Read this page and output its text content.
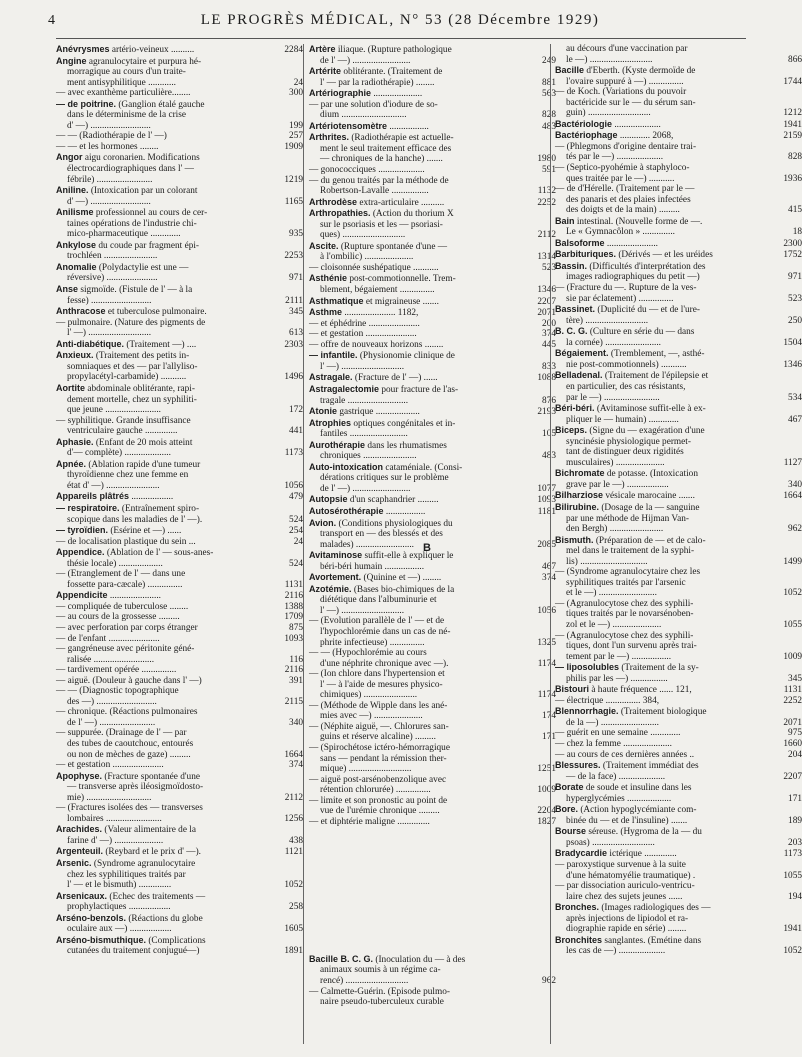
4	LE PROGRÈS MÉDICAL, N° 53 (28 Décembre 1929)
Anévrysmes artério-veineux ..........	2284
Angine agranulocytaire et purpura hé-
morragique au cours d'un traite-
ment antisyphilitique ............	24
— avec exanthème particulière........	300
— de poitrine. (Ganglion étalé gauche
dans le déterminisme de la crise
d' —) ..........................	199
— — (Radiothérapie de l' —)	257
— — et les hormones ........	1909
Angor aigu coronarien. Modifications
électrocardiographiques dans l' —
fébrile) ........................	1219
Aniline. (Intoxication par un colorant
d' —) ..........................	1165
Anilisme professionnel au cours de cer-
taines opérations de l'industrie chi-
mico-pharmaceutique .............	935
Ankylose du coude par fragment épi-
trochléen .......................	2253
Anomalie (Polydactylie est une —
réversive) ......................	971
Anse sigmoïde. (Fistule de l' — à la
fesse) ..........................	2111
Anthracose et tuberculose pulmonaire.	345
— pulmonaire. (Nature des pigments de
l' —) ...........................	613
Anti-diabétique. (Traitement —) ....	2303
Anxieux. (Traitement des petits in-
somniaques et des — par l'allyliso-
propylacétyl-carbamide) ...........	1496
Aortite abdominale oblitérante, rapi-
dement mortelle, chez un syphiliti-
que jeune ........................	172
— syphilitique. Grande insuffisance
ventriculaire gauche ..............	441
Aphasie. (Enfant de 20 mois atteint
d'— complète) ....................	1173
Apnée. (Ablation rapide d'une tumeur
thyroïdienne chez une femme en
état d' —) .......................	1056
Appareils plâtrés ..................	479
— respiratoire. (Entraînement spiro-
scopique dans les maladies de l' —).	524
— tyroïdien. (Esérine et —) ......	254
— de localisation plastique du sein ...	24
Appendice. (Ablation de l' — sous-anes-
thésie locale) ...................	524
— (Etranglement de l' — dans une
fossette para-cæcale) ...............	1131
Appendicite ......................	2116
— compliquée de tuberculose ........	1388
— au cours de la grossesse .........	1709
— avec perforation par corps étranger	875
— de l'enfant ......................	1093
— gangréneuse avec péritonite géné-
ralisée ..........................	116
— tardivement opérée ...............	2116
— aiguë. (Douleur à gauche dans l' —)	391
— — (Diagnostic topographique
des —) ..........................	2115
— chronique. (Réactions pulmonaires
de l' —) ........................	340
— suppurée. (Drainage de l' — par
des tubes de caoutchouc, entourés
ou non de mèches de gaze) .........	1664
— et gestation ......................	374
Apophyse. (Fracture spontanée d'une
— transverse après iléosigmoïdosto-
mie) ............................	2112
— (Fractures isolées des — transverses
lombaires ........................	1256
Arachides. (Valeur alimentaire de la
farine d' —) .....................	438
Argenteuil. (Reybard et le prix d' —).	1121
Arsenic. (Syndrome agranulocytaire
chez les syphilitiques traités par
l' — et le bismuth) ..............	1052
Arsenicaux. (Echec des traitements —
prophylactiques ..................	258
Arséno-benzols. (Réactions du globe
oculaire aux —) ..................	1605
Arséno-bismuthique. (Complications
cutanées du traitement conjugué—)	1891
Artère iliaque. (Rupture pathologique
de l' —) .........................	249
Artérite oblitérante. (Traitement de
l' — par la radiothérapie) ........	881
Artériographie .....................	563
— par une solution d'iodure de so-
dium ............................	828
Artériotensomètre .................	483
Arthrites. (Radiothérapie est actuelle-
ment le seul traitement efficace des
— chroniques de la hanche) .......	1980
— gonococciques ....................	591
— du genou traités par la méthode de
Robertson-Lavalle ................	1132
Arthrodèse extra-articulaire ..........	2252
Arthropathies. (Action du thorium X
sur le psoriasis et les — psoriasi-
ques) ...........................	2112
Ascite. (Rupture spontanée d'une —
à l'ombilic) .....................	1314
— cloisonnée sushépatique ...........	523
Asthénie post-commotionnelle. Trem-
blement, bégaiement ...............	1346
Asthmatique et migraineuse .......	2207
Asthme ...................... 1182,	2071
— et éphédrine ......................	200
— et gestation ......................	374
— offre de nouveaux horizons ........	445
— infantile. (Physionomie clinique de
l' —) ...........................	833
Astragale. (Fracture de l' —) ......	1088
Astragalectomie pour fracture de l'as-
tragale ..........................	876
Atonie gastrique ...................	2193
Atrophies optiques congénitales et in-
fantiles .........................	105
Aurothérapie dans les rhumatismes
chroniques .......................	483
Auto-intoxication cataméniale. (Consi-
dérations critiques sur le problème
de l' —) .........................	1077
Autopsie d'un scaphandrier .........	1093
Autosérothérapie .................	1181
Avion. (Conditions physiologiques du
transport en — des blessés et des
malades) .........................	2085
Avitaminose suffit-elle à expliquer le
béri-béri humain .................	467
Avortement. (Quinine et —) ........	374
Azotémie. (Bases bio-chimiques de la
diététique dans l'albuminurie et
l' —) ...........................	1056
— (Evolution parallèle de l' — et de
l'hypochlorémie dans un cas de né-
phrite infectieuse) ...............	1325
— — (Hypochlorémie au cours
d'une néphrite chronique avec —).	1174
— (Ion chlore dans l'hypertension et
l' — à l'aide de mesures physico-
chimiques) .......................	1174
— (Méthode de Wipple dans les ané-
mies avec —) .....................	174
— (Néphite aiguë, —. Chlorures san-
guins et réserve alcaline) .........	171
— (Spirochétose ictéro-hémorragique
sans — pendant la rémission ther-
mique) ...........................	1251
— aiguë post-arsénobenzolique avec
rétention chlorurée) ...............	1009
— limite et son pronostic au point de
vue de l'urémie chronique .........	2204
— et diphtérie maligne ..............	1827

Bacille B. C. G. (Inoculation du — à des
animaux soumis à un régime ca-
rencé) ...........................	962
— Calmette-Guérin. (Episode pulmo-
naire pseudo-tuberculeux curable
au décours d'une vaccination par
le —) ...........................	866
Bacille d'Eberth. (Kyste dermoïde de
l'ovaire suppuré à —) ...............	1744
— de Koch. (Variations du pouvoir
bactéricide sur le — du sérum san-
guin) ...........................	1212
Bactériologie ....................	1941
Bactériophage ............. 2068,	2159
— (Phlegmons d'origine dentaire trai-
tés par le —) ....................	828
— (Septico-pyohémie à staphyloco-
ques traitée par le —) ...........	1936
— de d'Hérelle. (Traitement par le —
des panaris et des plaies infectées
des doigts et de la main) .........	415
Bain intestinal. (Nouvelle forme de —.
Le « Gymnacôlon » ..............	18
Balsoforme ......................	2300
Barbituriques. (Dérivés — et les uréides	1752
Bassin. (Difficultés d'interprétation des
images radiographiques du petit —)	971
— (Fracture du —. Rupture de la ves-
sie par éclatement) ...............	523
Bassinet. (Duplicité du — et de l'ure-
tère) ...........................	250
B. C. G. (Culture en série du — dans
la cornée) ........................	1504
Bégaiement. (Tremblement, —, asthé-
nie post-commotionnels) ...........	1346
Belladenal. (Traitement de l'épilepsie et
en particulier, des cas résistants,
par le —) ........................	534
Béri-béri. (Avitaminose suffit-elle à ex-
pliquer le — humain) .............	467
Biceps. (Signe du — exagération d'une
syncinésie physiologique permet-
tant de distinguer deux rigidités
musculaires) .....................	1127
Bichromate de potasse. (Intoxication
grave par le —) ..................	340
Bilharziose vésicale marocaine .......	1664
Bilirubine. (Dosage de la — sanguine
par une méthode de Hijman Van-
den Bergh) .......................	962
Bismuth. (Préparation de — et de calo-
mel dans le traitement de la syphi-
lis) .............................	1499
— (Syndrome agranulocytaire chez les
syphilitiques traités par l'arsenic
et le —) .........................	1052
— (Agranulocytose chez des syphili-
tiques traités par le novarsénoben-
zol et le —) .....................	1055
— (Agranulocytose chez des syphili-
tiques, dont l'un survenu après trai-
tement par le —) .................	1009
— liposolubles (Traitement de la sy-
philis par les —) ................	345
Bistouri à haute fréquence ...... 121,	1131
— électrique ............... 384,	2252
Blennorrhagie. (Traitement biologique
de la —) .........................	2071
— guérit en une semaine .............	975
— chez la femme .....................	1660
— au cours de ces dernières années ..	204
Blessures. (Traitement immédiat des
— de la face) ....................	2207
Borate de soude et insuline dans les
hyperglycémies ...................	171
Bore. (Action hypoglycémiante com-
binée du — et de l'insuline) .......	189
Bourse séreuse. (Hygroma de la — du
psoas) ...........................	203
Bradycardie ictérique ..............	1173
— paroxystique survenue à la suite
d'une hématomyélie traumatique) .	1055
— par dissociation auriculo-ventricu-
laire chez des sujets jeunes ......	194
Bronches. (Images radiologiques des —
après injections de lipiodol et ra-
diographie rapide en série) ........	1941
Bronchites sanglantes. (Emétine dans
les cas de —) ....................	1052
B
